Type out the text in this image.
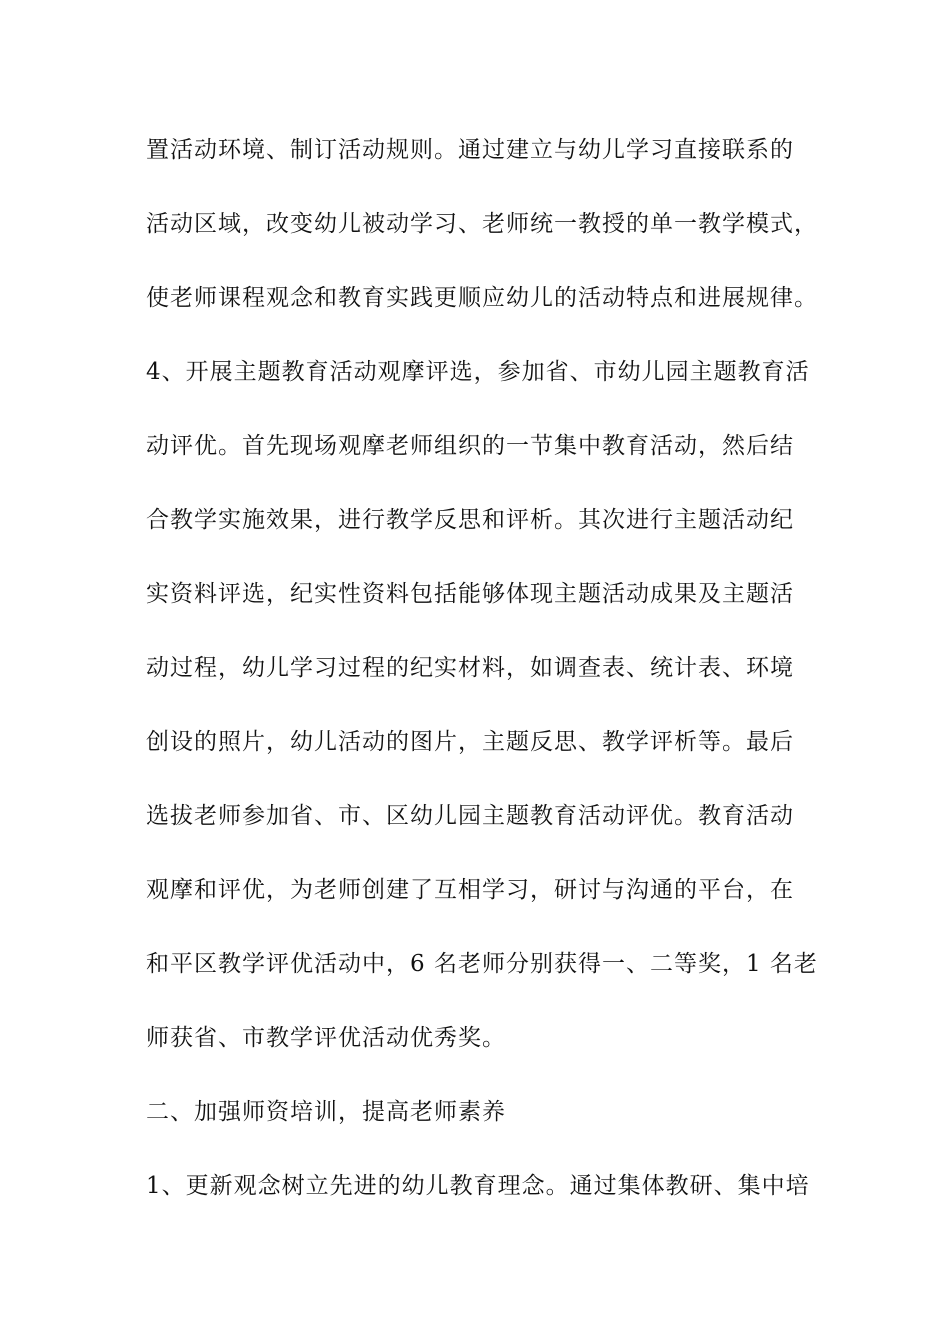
置活动环境、制订活动规则。通过建立与幼儿学习直接联系的
活动区域，改变幼儿被动学习、老师统一教授的单一教学模式，
使老师课程观念和教育实践更顺应幼儿的活动特点和进展规律。
4、开展主题教育活动观摩评选，参加省、市幼儿园主题教育活
动评优。首先现场观摩老师组织的一节集中教育活动，然后结
合教学实施效果，进行教学反思和评析。其次进行主题活动纪
实资料评选，纪实性资料包括能够体现主题活动成果及主题活
动过程，幼儿学习过程的纪实材料，如调查表、统计表、环境
创设的照片，幼儿活动的图片，主题反思、教学评析等。最后
选拔老师参加省、市、区幼儿园主题教育活动评优。教育活动
观摩和评优，为老师创建了互相学习，研讨与沟通的平台，在
和平区教学评优活动中，6 名老师分别获得一、二等奖，1 名老
师获省、市教学评优活动优秀奖。
二、加强师资培训，提高老师素养
1、更新观念树立先进的幼儿教育理念。通过集体教研、集中培
